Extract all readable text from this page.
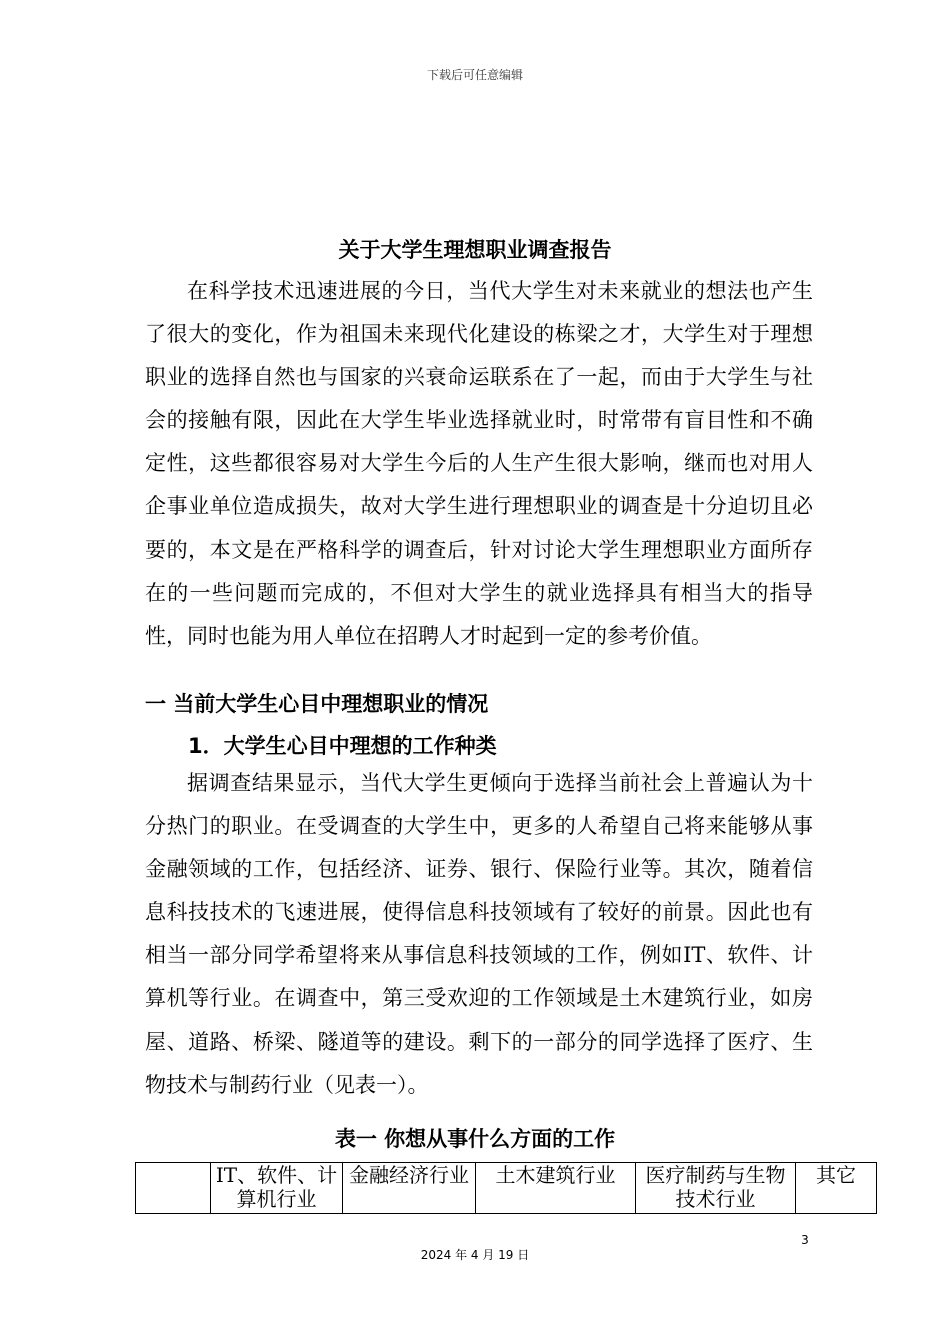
下载后可任意编辑
关于大学生理想职业调查报告

在科学技术迅速进展的今日，当代大学生对未来就业的想法也产生了很大的变化，作为祖国未来现代化建设的栋梁之才，大学生对于理想职业的选择自然也与国家的兴衰命运联系在了一起，而由于大学生与社会的接触有限，因此在大学生毕业选择就业时，时常带有盲目性和不确定性，这些都很容易对大学生今后的人生产生很大影响，继而也对用人企事业单位造成损失，故对大学生进行理想职业的调查是十分迫切且必要的，本文是在严格科学的调查后，针对讨论大学生理想职业方面所存在的一些问题而完成的，不但对大学生的就业选择具有相当大的指导性，同时也能为用人单位在招聘人才时起到一定的参考价值。

一 当前大学生心目中理想职业的情况
1．大学生心目中理想的工作种类

据调查结果显示，当代大学生更倾向于选择当前社会上普遍认为十分热门的职业。在受调查的大学生中，更多的人希望自己将来能够从事金融领域的工作，包括经济、证券、银行、保险行业等。其次，随着信息科技技术的飞速进展，使得信息科技领域有了较好的前景。因此也有相当一部分同学希望将来从事信息科技领域的工作，例如IT、软件、计算机等行业。在调查中，第三受欢迎的工作领域是土木建筑行业，如房屋、道路、桥梁、隧道等的建设。剩下的一部分的同学选择了医疗、生物技术与制药行业（见表一）。

表一 你想从事什么方面的工作
	IT、软件、计算机行业	金融经济行业	土木建筑行业	医疗制药与生物技术行业	其它
3
2024 年 4 月 19 日
